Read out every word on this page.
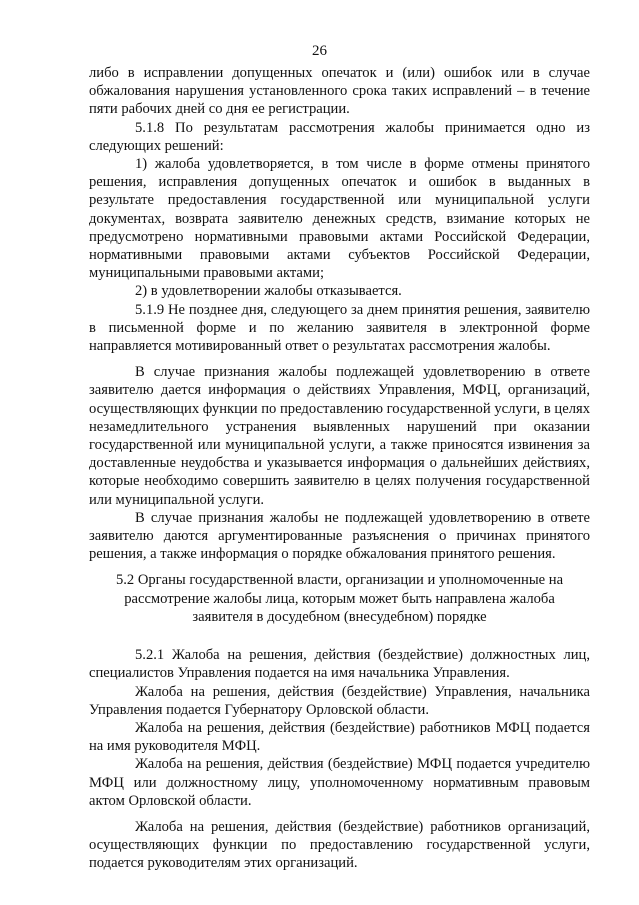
26

либо в исправлении допущенных опечаток и (или) ошибок или в случае обжалования нарушения установленного срока таких исправлений – в течение пяти рабочих дней со дня ее регистрации.

5.1.8 По результатам рассмотрения жалобы принимается одно из следующих решений:

1) жалоба удовлетворяется, в том числе в форме отмены принятого решения, исправления допущенных опечаток и ошибок в выданных в результате предоставления государственной или муниципальной услуги документах, возврата заявителю денежных средств, взимание которых не предусмотрено нормативными правовыми актами Российской Федерации, нормативными правовыми актами субъектов Российской Федерации, муниципальными правовыми актами;

2) в удовлетворении жалобы отказывается.

5.1.9 Не позднее дня, следующего за днем принятия решения, заявителю в письменной форме и по желанию заявителя в электронной форме направляется мотивированный ответ о результатах рассмотрения жалобы.

В случае признания жалобы подлежащей удовлетворению в ответе заявителю дается информация о действиях Управления, МФЦ, организаций, осуществляющих функции по предоставлению государственной услуги, в целях незамедлительного устранения выявленных нарушений при оказании государственной или муниципальной услуги, а также приносятся извинения за доставленные неудобства и указывается информация о дальнейших действиях, которые необходимо совершить заявителю в целях получения государственной или муниципальной услуги.

В случае признания жалобы не подлежащей удовлетворению в ответе заявителю даются аргументированные разъяснения о причинах принятого решения, а также информация о порядке обжалования принятого решения.

5.2 Органы государственной власти, организации и уполномоченные на рассмотрение жалобы лица, которым может быть направлена жалоба заявителя в досудебном (внесудебном) порядке

5.2.1 Жалоба на решения, действия (бездействие) должностных лиц, специалистов Управления подается на имя начальника Управления.

Жалоба на решения, действия (бездействие) Управления, начальника Управления подается Губернатору Орловской области.

Жалоба на решения, действия (бездействие) работников МФЦ подается на имя руководителя МФЦ.

Жалоба на решения, действия (бездействие) МФЦ подается учредителю МФЦ или должностному лицу, уполномоченному нормативным правовым актом Орловской области.

Жалоба на решения, действия (бездействие) работников организаций, осуществляющих функции по предоставлению государственной услуги, подается руководителям этих организаций.
